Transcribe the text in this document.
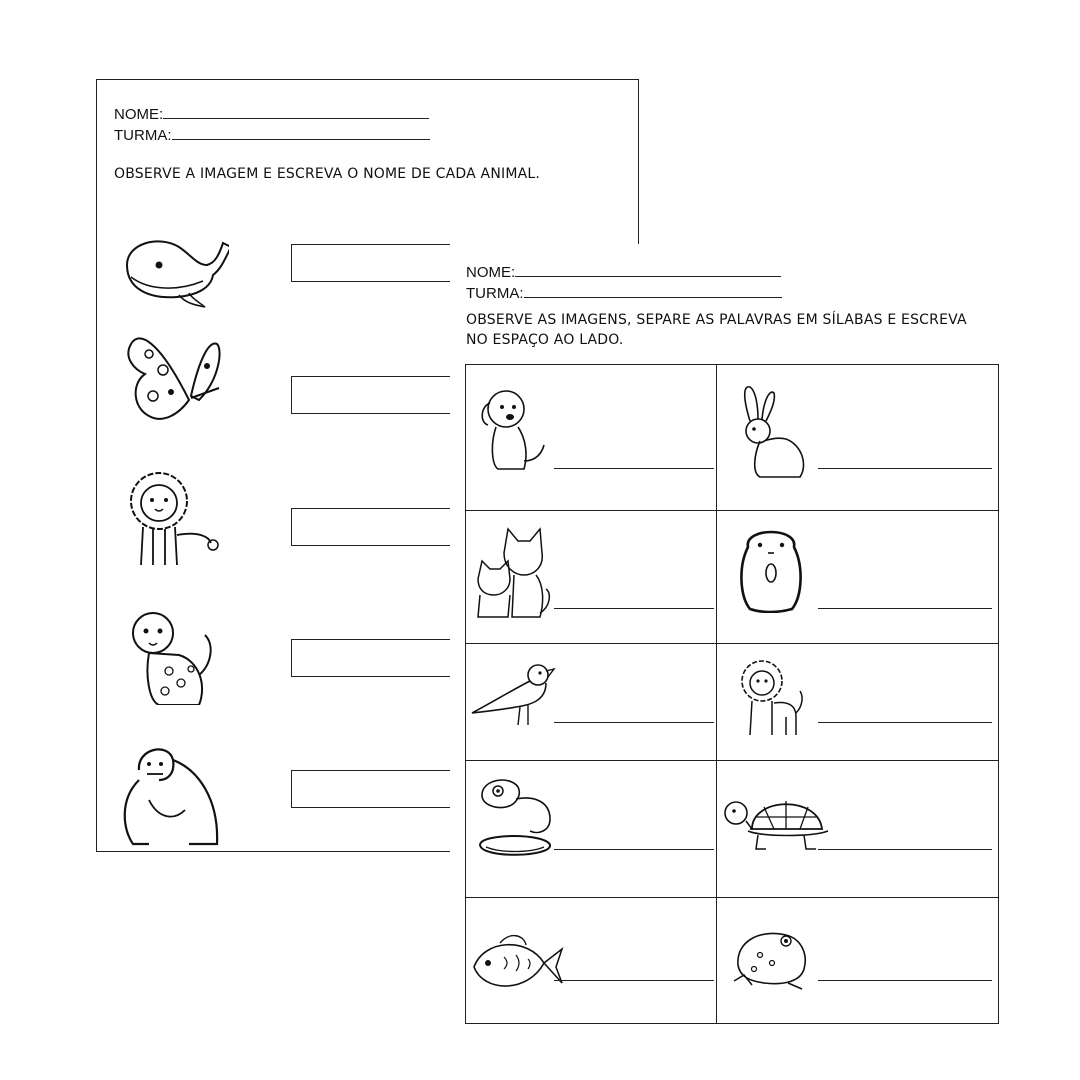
NOME:
TURMA:
OBSERVE A IMAGEM E ESCREVA O NOME DE CADA ANIMAL.
NOME:
TURMA:
OBSERVE AS IMAGENS, SEPARE AS PALAVRAS EM SÍLABAS E ESCREVA
NO ESPAÇO AO LADO.
